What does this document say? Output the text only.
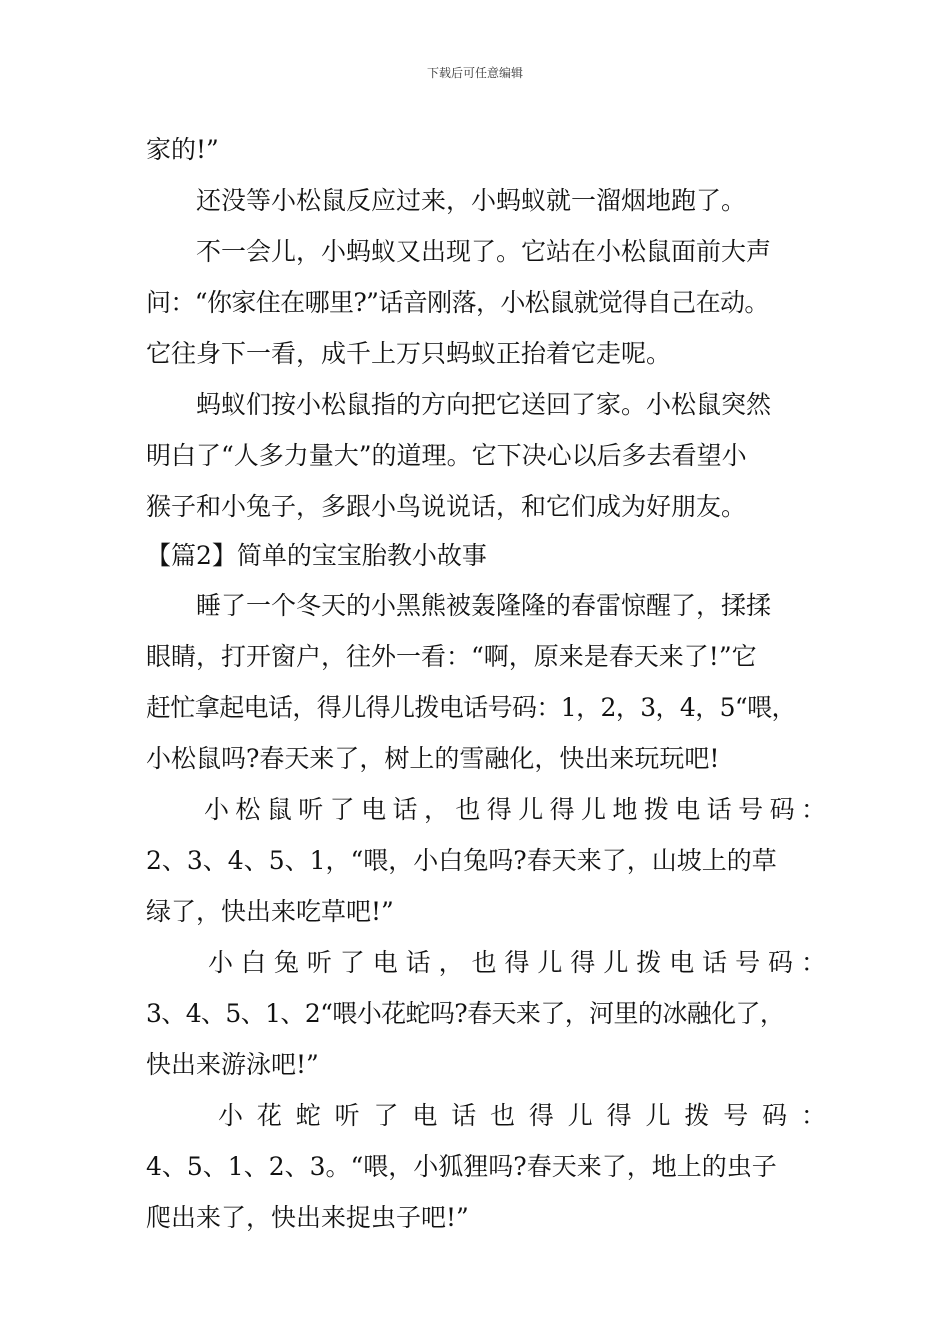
下载后可任意编辑
家的!”
还没等小松鼠反应过来，小蚂蚁就一溜烟地跑了。
不一会儿，小蚂蚁又出现了。它站在小松鼠面前大声
问：“你家住在哪里?”话音刚落，小松鼠就觉得自己在动。
它往身下一看，成千上万只蚂蚁正抬着它走呢。
蚂蚁们按小松鼠指的方向把它送回了家。小松鼠突然
明白了“人多力量大”的道理。它下决心以后多去看望小
猴子和小兔子，多跟小鸟说说话，和它们成为好朋友。
【篇2】简单的宝宝胎教小故事
睡了一个冬天的小黑熊被轰隆隆的春雷惊醒了，揉揉
眼睛，打开窗户，往外一看：“啊，原来是春天来了!”它
赶忙拿起电话，得儿得儿拨电话号码：1，2，3，4，5“喂，
小松鼠吗?春天来了，树上的雪融化，快出来玩玩吧!
小松鼠听了电话，也得儿得儿地拨电话号码：
2、3、4、5、1，“喂，小白兔吗?春天来了，山坡上的草
绿了，快出来吃草吧!”
小白兔听了电话，也得儿得儿拨电话号码：
3、4、5、1、2“喂小花蛇吗?春天来了，河里的冰融化了，
快出来游泳吧!”
小花蛇听了电话也得儿得儿拨号码：
4、5、1、2、3。“喂，小狐狸吗?春天来了，地上的虫子
爬出来了，快出来捉虫子吧!”
